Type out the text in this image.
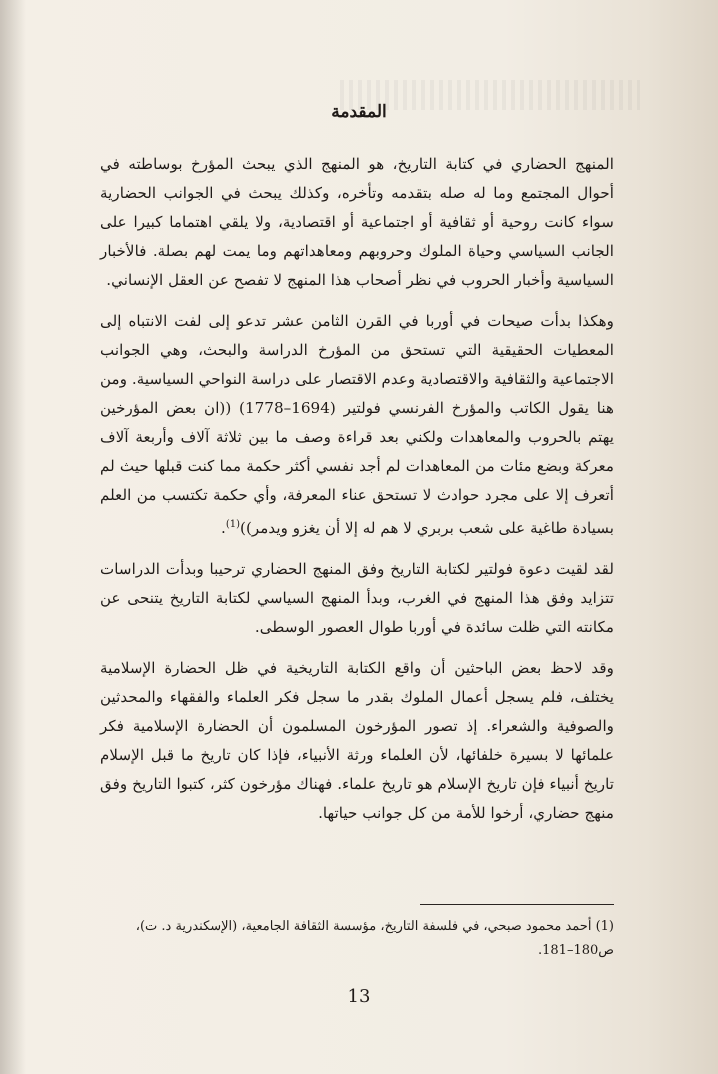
المقدمة

المنهج الحضاري في كتابة التاريخ، هو المنهج الذي يبحث المؤرخ بوساطته في أحوال المجتمع وما له صله بتقدمه وتأخره، وكذلك يبحث في الجوانب الحضارية سواء كانت روحية أو ثقافية أو اجتماعية أو اقتصادية، ولا يلقي اهتماما كبيرا على الجانب السياسي وحياة الملوك وحروبهم ومعاهداتهم وما يمت لهم بصلة. فالأخبار السياسية وأخبار الحروب في نظر أصحاب هذا المنهج لا تفصح عن العقل الإنساني.

وهكذا بدأت صيحات في أوربا في القرن الثامن عشر تدعو إلى لفت الانتباه إلى المعطيات الحقيقية التي تستحق من المؤرخ الدراسة والبحث، وهي الجوانب الاجتماعية والثقافية والاقتصادية وعدم الاقتصار على دراسة النواحي السياسية. ومن هنا يقول الكاتب والمؤرخ الفرنسي فولتير (1694–1778) ((ان بعض المؤرخين يهتم بالحروب والمعاهدات ولكني بعد قراءة وصف ما بين ثلاثة آلاف وأربعة آلاف معركة وبضع مئات من المعاهدات لم أجد نفسي أكثر حكمة مما كنت قبلها حيث لم أتعرف إلا على مجرد حوادث لا تستحق عناء المعرفة، وأي حكمة تكتسب من العلم بسيادة طاغية على شعب بربري لا هم له إلا أن يغزو ويدمر))$^{(1)}$.

لقد لقيت دعوة فولتير لكتابة التاريخ وفق المنهج الحضاري ترحيبا وبدأت الدراسات تتزايد وفق هذا المنهج في الغرب، وبدأ المنهج السياسي لكتابة التاريخ يتنحى عن مكانته التي ظلت سائدة في أوربا طوال العصور الوسطى.

وقد لاحظ بعض الباحثين أن واقع الكتابة التاريخية في ظل الحضارة الإسلامية يختلف، فلم يسجل أعمال الملوك بقدر ما سجل فكر العلماء والفقهاء والمحدثين والصوفية والشعراء. إذ تصور المؤرخون المسلمون أن الحضارة الإسلامية فكر علمائها لا بسيرة خلفائها، لأن العلماء ورثة الأنبياء، فإذا كان تاريخ ما قبل الإسلام تاريخ أنبياء فإن تاريخ الإسلام هو تاريخ علماء. فهناك مؤرخون كثر، كتبوا التاريخ وفق منهج حضاري، أرخوا للأمة من كل جوانب حياتها.

(1) أحمد محمود صبحي، في فلسفة التاريخ، مؤسسة الثقافة الجامعية، (الإسكندرية د. ت)،
ص180–181.
13
